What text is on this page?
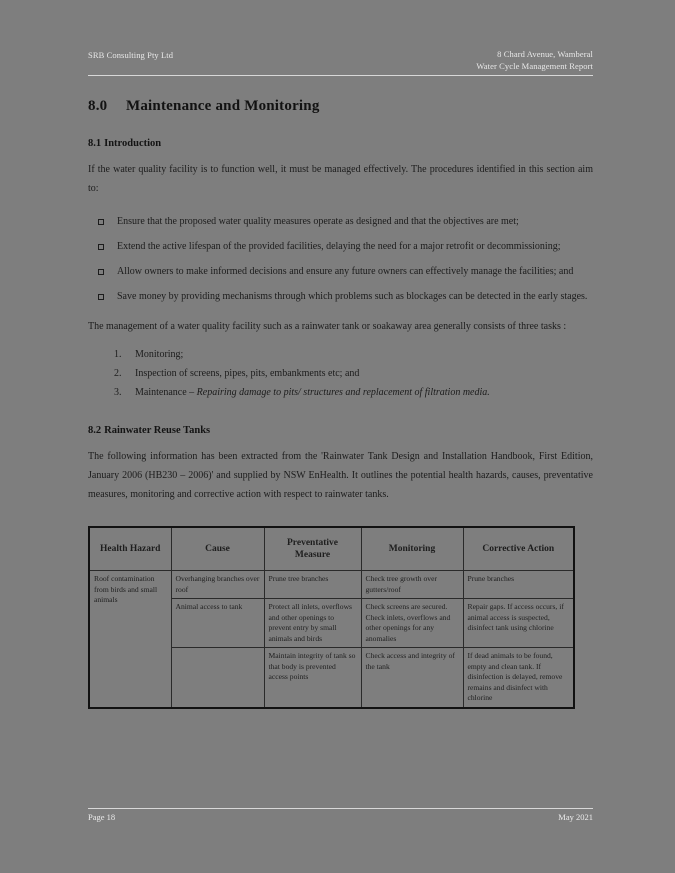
SRB Consulting Pty Ltd	8 Chard Avenue, Wamberal
Water Cycle Management Report
8.0 Maintenance and Monitoring
8.1 Introduction

If the water quality facility is to function well, it must be managed effectively. The procedures identified in this section aim to:

Ensure that the proposed water quality measures operate as designed and that the objectives are met;
Extend the active lifespan of the provided facilities, delaying the need for a major retrofit or decommissioning;
Allow owners to make informed decisions and ensure any future owners can effectively manage the facilities; and
Save money by providing mechanisms through which problems such as blockages can be detected in the early stages.

The management of a water quality facility such as a rainwater tank or soakaway area generally consists of three tasks :

Monitoring;
Inspection of screens, pipes, pits, embankments etc; and
Maintenance – Repairing damage to pits/ structures and replacement of filtration media.
8.2 Rainwater Reuse Tanks

The following information has been extracted from the 'Rainwater Tank Design and Installation Handbook, First Edition, January 2006 (HB230 – 2006)' and supplied by NSW EnHealth. It outlines the potential health hazards, causes, preventative measures, monitoring and corrective action with respect to rainwater tanks.

Health Hazard	Cause	Preventative Measure	Monitoring	Corrective Action
Roof contamination from birds and small animals	Overhanging branches over roof	Prune tree branches	Check tree growth over gutters/roof	Prune branches
	Animal access to tank	Protect all inlets, overflows and other openings to prevent entry by small animals and birds	Check screens are secured. Check inlets, overflows and other openings for any anomalies	Repair gaps. If access occurs, if animal access is suspected, disinfect tank using chlorine
		Maintain integrity of tank so that body is prevented access points	Check access and integrity of the tank	If dead animals to be found, empty and clean tank. If disinfection is delayed, remove remains and disinfect with chlorine
Page 18	May 2021
